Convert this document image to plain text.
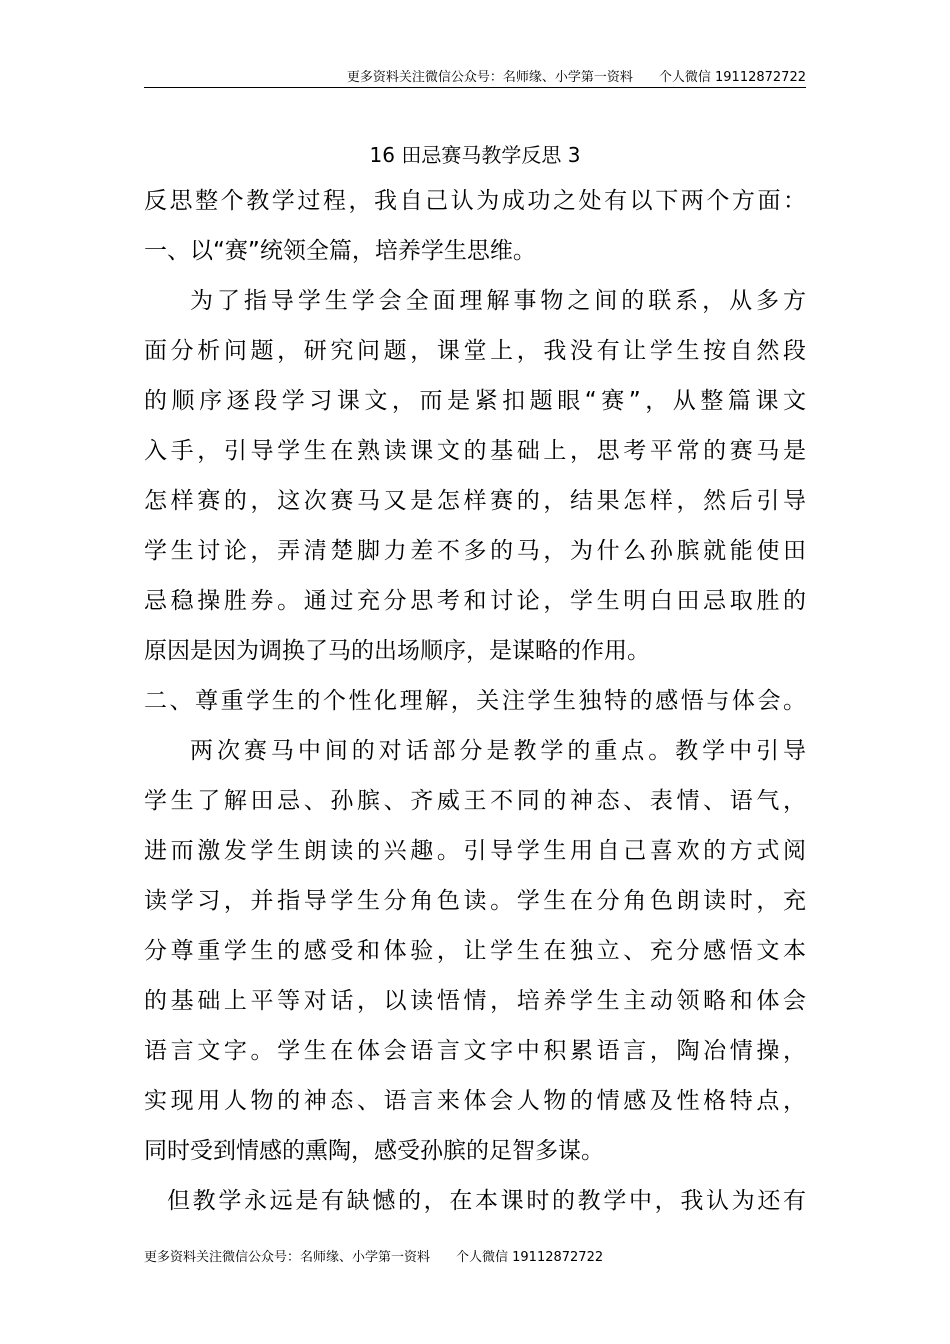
更多资料关注微信公众号：名师缘、小学第一资料　　个人微信 19112872722
16 田忌赛马教学反思 3
反思整个教学过程，我自己认为成功之处有以下两个方面：
一、以“赛”统领全篇，培养学生思维。
为了指导学生学会全面理解事物之间的联系，从多方
面分析问题，研究问题，课堂上，我没有让学生按自然段
的顺序逐段学习课文，而是紧扣题眼“赛”，从整篇课文
入手，引导学生在熟读课文的基础上，思考平常的赛马是
怎样赛的，这次赛马又是怎样赛的，结果怎样，然后引导
学生讨论，弄清楚脚力差不多的马，为什么孙膑就能使田
忌稳操胜券。通过充分思考和讨论，学生明白田忌取胜的
原因是因为调换了马的出场顺序，是谋略的作用。
二、尊重学生的个性化理解，关注学生独特的感悟与体会。
两次赛马中间的对话部分是教学的重点。教学中引导
学生了解田忌、孙膑、齐威王不同的神态、表情、语气，
进而激发学生朗读的兴趣。引导学生用自己喜欢的方式阅
读学习，并指导学生分角色读。学生在分角色朗读时，充
分尊重学生的感受和体验，让学生在独立、充分感悟文本
的基础上平等对话，以读悟情，培养学生主动领略和体会
语言文字。学生在体会语言文字中积累语言，陶冶情操，
实现用人物的神态、语言来体会人物的情感及性格特点，
同时受到情感的熏陶，感受孙膑的足智多谋。
但教学永远是有缺憾的，在本课时的教学中，我认为还有
更多资料关注微信公众号：名师缘、小学第一资料　　个人微信 19112872722
